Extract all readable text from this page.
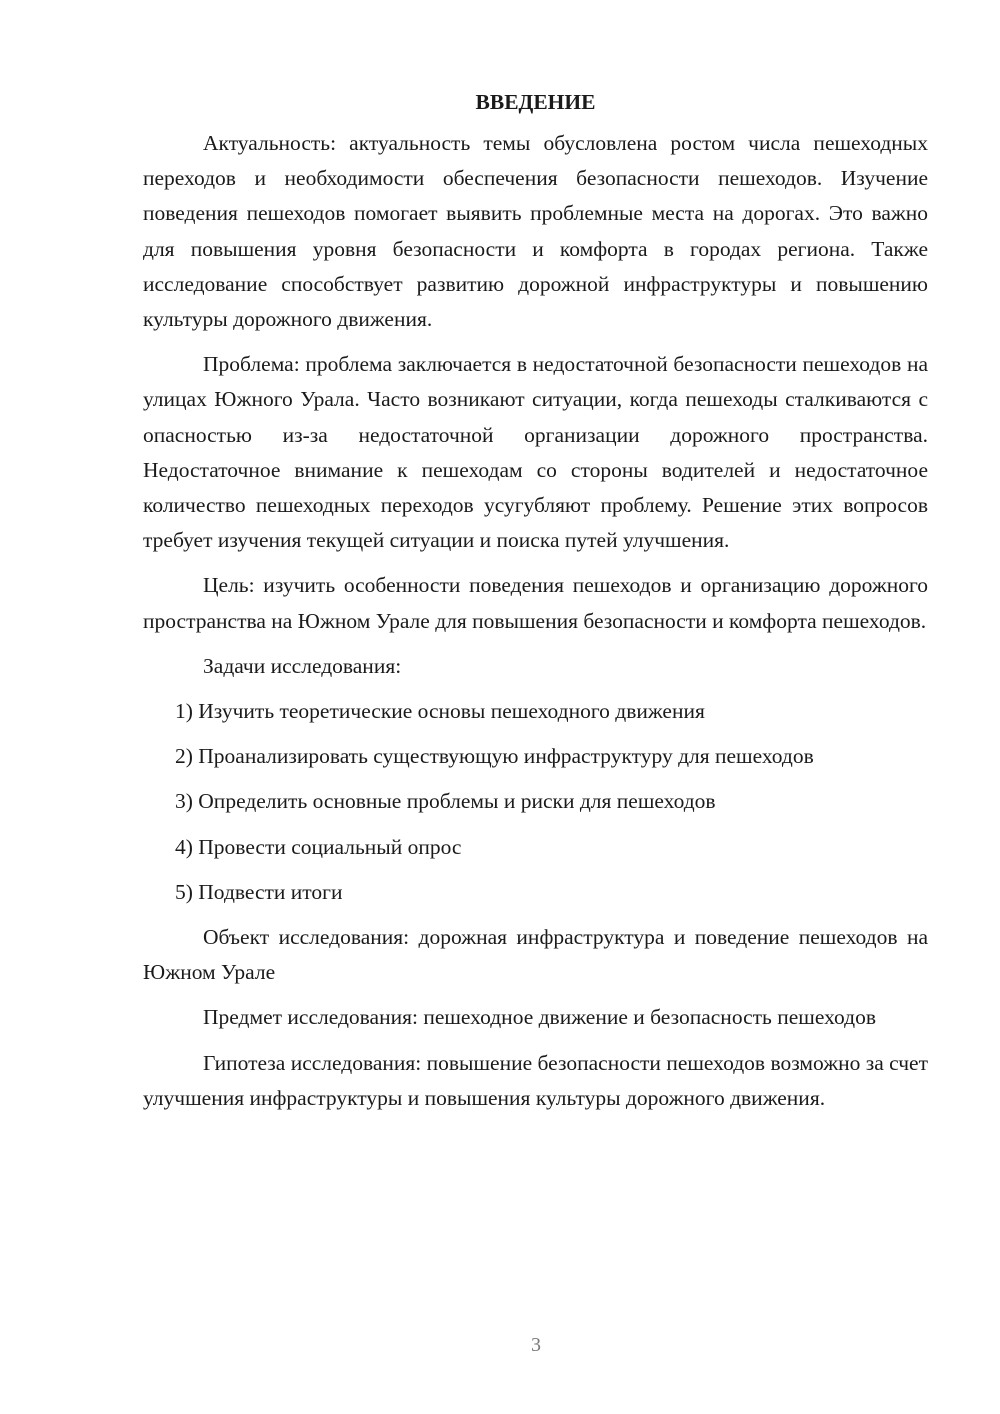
ВВЕДЕНИЕ

Актуальность: актуальность темы обусловлена ростом числа пешеходных переходов и необходимости обеспечения безопасности пешеходов. Изучение поведения пешеходов помогает выявить проблемные места на дорогах. Это важно для повышения уровня безопасности и комфорта в городах региона. Также исследование способствует развитию дорожной инфраструктуры и повышению культуры дорожного движения.

Проблема: проблема заключается в недостаточной безопасности пешеходов на улицах Южного Урала. Часто возникают ситуации, когда пешеходы сталкиваются с опасностью из-за недостаточной организации дорожного пространства. Недостаточное внимание к пешеходам со стороны водителей и недостаточное количество пешеходных переходов усугубляют проблему. Решение этих вопросов требует изучения текущей ситуации и поиска путей улучшения.

Цель: изучить особенности поведения пешеходов и организацию дорожного пространства на Южном Урале для повышения безопасности и комфорта пешеходов.

Задачи исследования:

1) Изучить теоретические основы пешеходного движения
2) Проанализировать существующую инфраструктуру для пешеходов
3) Определить основные проблемы и риски для пешеходов
4) Провести социальный опрос
5) Подвести итоги

Объект исследования: дорожная инфраструктура и поведение пешеходов на Южном Урале

Предмет исследования: пешеходное движение и безопасность пешеходов

Гипотеза исследования: повышение безопасности пешеходов возможно за счет улучшения инфраструктуры и повышения культуры дорожного движения.

3
